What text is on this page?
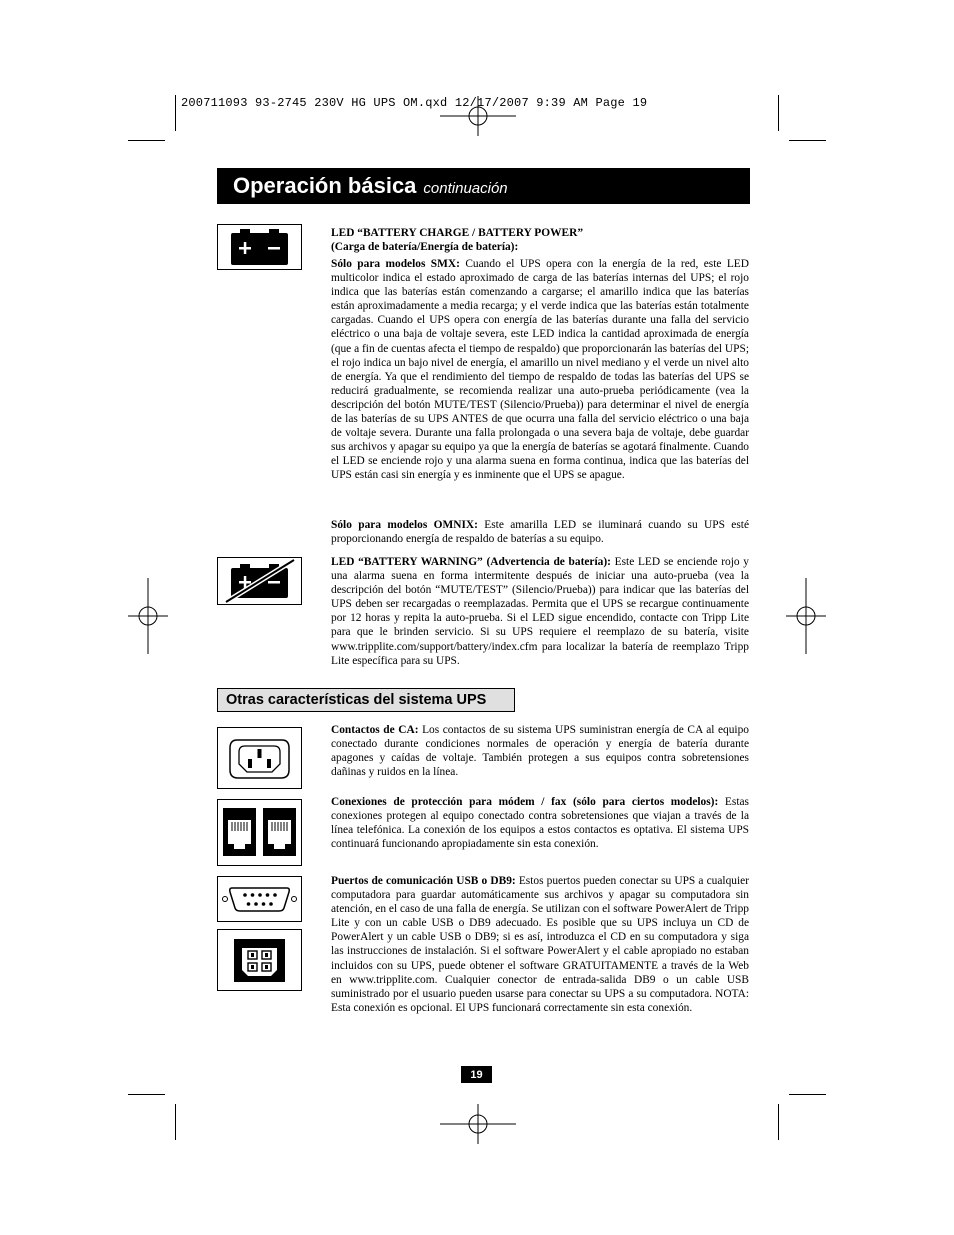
200711093 93-2745 230V HG UPS OM.qxd 12/17/2007 9:39 AM Page 19
Operación básica continuación

LED “BATTERY CHARGE / BATTERY POWER”
(Carga de batería/Energía de batería):

Sólo para modelos SMX: Cuando el UPS opera con la energía de la red, este LED multicolor indica el estado aproximado de carga de las baterías internas del UPS; el rojo indica que las baterías están comenzando a cargarse; el amarillo indica que las baterías están aproximadamente a media recarga; y el verde indica que las baterías están totalmente cargadas. Cuando el UPS opera con energía de las baterías durante una falla del servicio eléctrico o una baja de voltaje severa, este LED indica la cantidad aproximada de energía (que a fin de cuentas afecta el tiempo de respaldo) que proporcionarán las baterías del UPS; el rojo indica un bajo nivel de energía, el amarillo un nivel mediano y el verde un nivel alto de energía. Ya que el rendimiento del tiempo de respaldo de todas las baterías del UPS se reducirá gradualmente, se recomienda realizar una auto-prueba periódicamente (vea la descripción del botón MUTE/TEST (Silencio/Prueba)) para determinar el nivel de energía de las baterías de su UPS ANTES de que ocurra una falla del servicio eléctrico o una baja de voltaje severa. Durante una falla prolongada o una severa baja de voltaje, debe guardar sus archivos y apagar su equipo ya que la energía de baterías se agotará finalmente. Cuando el LED se enciende rojo y una alarma suena en forma continua, indica que las baterías del UPS están casi sin energía y es inminente que el UPS se apague.

Sólo para modelos OMNIX: Este amarilla LED se iluminará cuando su UPS esté proporcionando energía de respaldo de baterías a su equipo.

LED “BATTERY WARNING” (Advertencia de batería): Este LED se enciende rojo y una alarma suena en forma intermitente después de iniciar una auto-prueba (vea la descripción del botón “MUTE/TEST” (Silencio/Prueba)) para indicar que las baterías del UPS deben ser recargadas o reemplazadas. Permita que el UPS se recargue continuamente por 12 horas y repita la auto-prueba. Si el LED sigue encendido, contacte con Tripp Lite para que le brinden servicio. Si su UPS requiere el reemplazo de su batería, visite www.tripplite.com/support/battery/index.cfm para localizar la batería de reemplazo Tripp Lite específica para su UPS.

Otras características del sistema UPS

Contactos de CA: Los contactos de su sistema UPS suministran energía de CA al equipo conectado durante condiciones normales de operación y energía de batería durante apagones y caídas de voltaje. También protegen a sus equipos contra sobretensiones dañinas y ruidos en la línea.

Conexiones de protección para módem / fax (sólo para ciertos modelos): Estas conexiones protegen al equipo conectado contra sobretensiones que viajan a través de la línea telefónica. La conexión de los equipos a estos contactos es optativa. El sistema UPS continuará funcionando apropiadamente sin esta conexión.

Puertos de comunicación USB o DB9: Estos puertos pueden conectar su UPS a cualquier computadora para guardar automáticamente sus archivos y apagar su computadora sin atención, en el caso de una falla de energía. Se utilizan con el software PowerAlert de Tripp Lite y con un cable USB o DB9 adecuado. Es posible que su UPS incluya un CD de PowerAlert y un cable USB o DB9; si es así, introduzca el CD en su computadora y siga las instrucciones de instalación. Si el software PowerAlert y el cable apropiado no estaban incluidos con su UPS, puede obtener el software GRATUITAMENTE a través de la Web en www.tripplite.com. Cualquier conector de entrada-salida DB9 o un cable USB suministrado por el usuario pueden usarse para conectar su UPS a su computadora. NOTA: Esta conexión es opcional. El UPS funcionará correctamente sin esta conexión.

19
